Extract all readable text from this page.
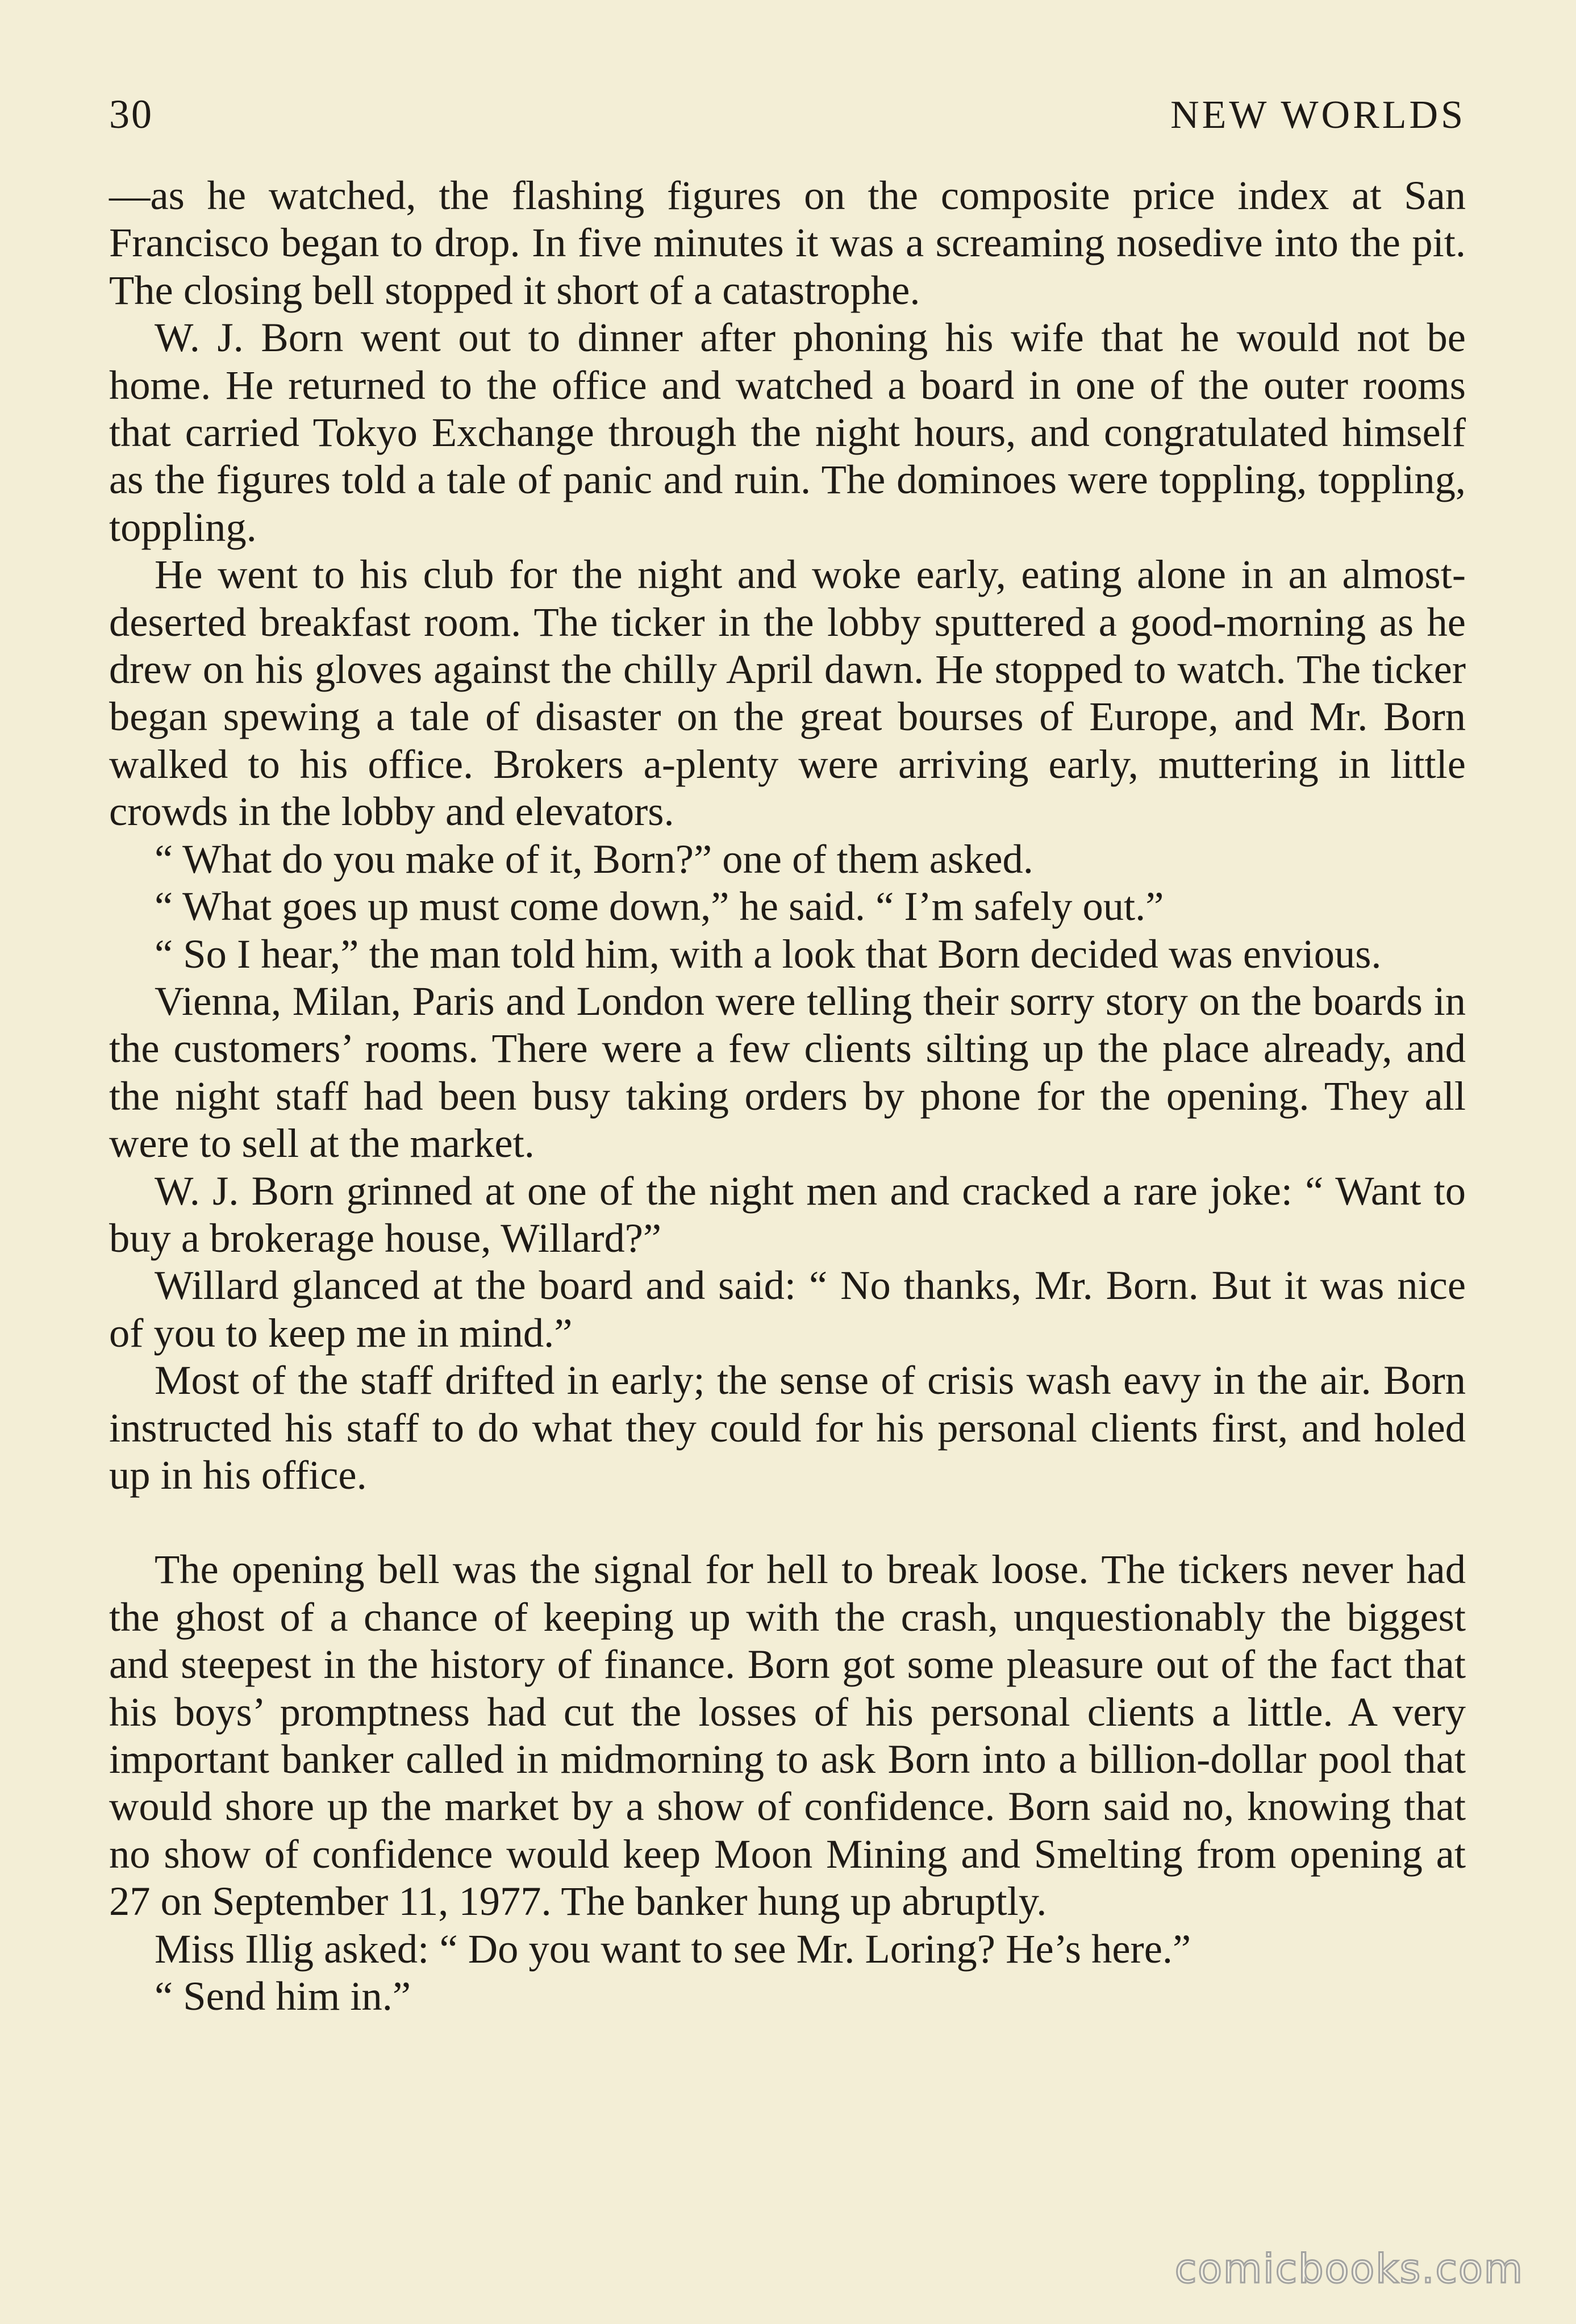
30	NEW WORLDS

—as he watched, the flashing figures on the composite price index at San Francisco began to drop. In five minutes it was a screaming nosedive into the pit. The closing bell stopped it short of a catastrophe.

W. J. Born went out to dinner after phoning his wife that he would not be home. He returned to the office and watched a board in one of the outer rooms that carried Tokyo Exchange through the night hours, and congratulated himself as the figures told a tale of panic and ruin. The dominoes were toppling, toppling, toppling.

He went to his club for the night and woke early, eating alone in an almost-deserted breakfast room. The ticker in the lobby sputtered a good-morning as he drew on his gloves against the chilly April dawn. He stopped to watch. The ticker began spewing a tale of disaster on the great bourses of Europe, and Mr. Born walked to his office. Brokers a-plenty were arriving early, muttering in little crowds in the lobby and elevators.

“ What do you make of it, Born?” one of them asked.

“ What goes up must come down,” he said. “ I’m safely out.”

“ So I hear,” the man told him, with a look that Born decided was envious.

Vienna, Milan, Paris and London were telling their sorry story on the boards in the customers’ rooms. There were a few clients silting up the place already, and the night staff had been busy taking orders by phone for the opening. They all were to sell at the market.

W. J. Born grinned at one of the night men and cracked a rare joke: “ Want to buy a brokerage house, Willard?”

Willard glanced at the board and said: “ No thanks, Mr. Born. But it was nice of you to keep me in mind.”

Most of the staff drifted in early; the sense of crisis wash eavy in the air. Born instructed his staff to do what they could for his personal clients first, and holed up in his office.

The opening bell was the signal for hell to break loose. The tickers never had the ghost of a chance of keeping up with the crash, unquestionably the biggest and steepest in the history of finance. Born got some pleasure out of the fact that his boys’ promptness had cut the losses of his personal clients a little. A very important banker called in midmorning to ask Born into a billion-dollar pool that would shore up the market by a show of confidence. Born said no, knowing that no show of confidence would keep Moon Mining and Smelting from opening at 27 on September 11, 1977. The banker hung up abruptly.

Miss Illig asked: “ Do you want to see Mr. Loring? He’s here.”

“ Send him in.”

comicbooks.com
